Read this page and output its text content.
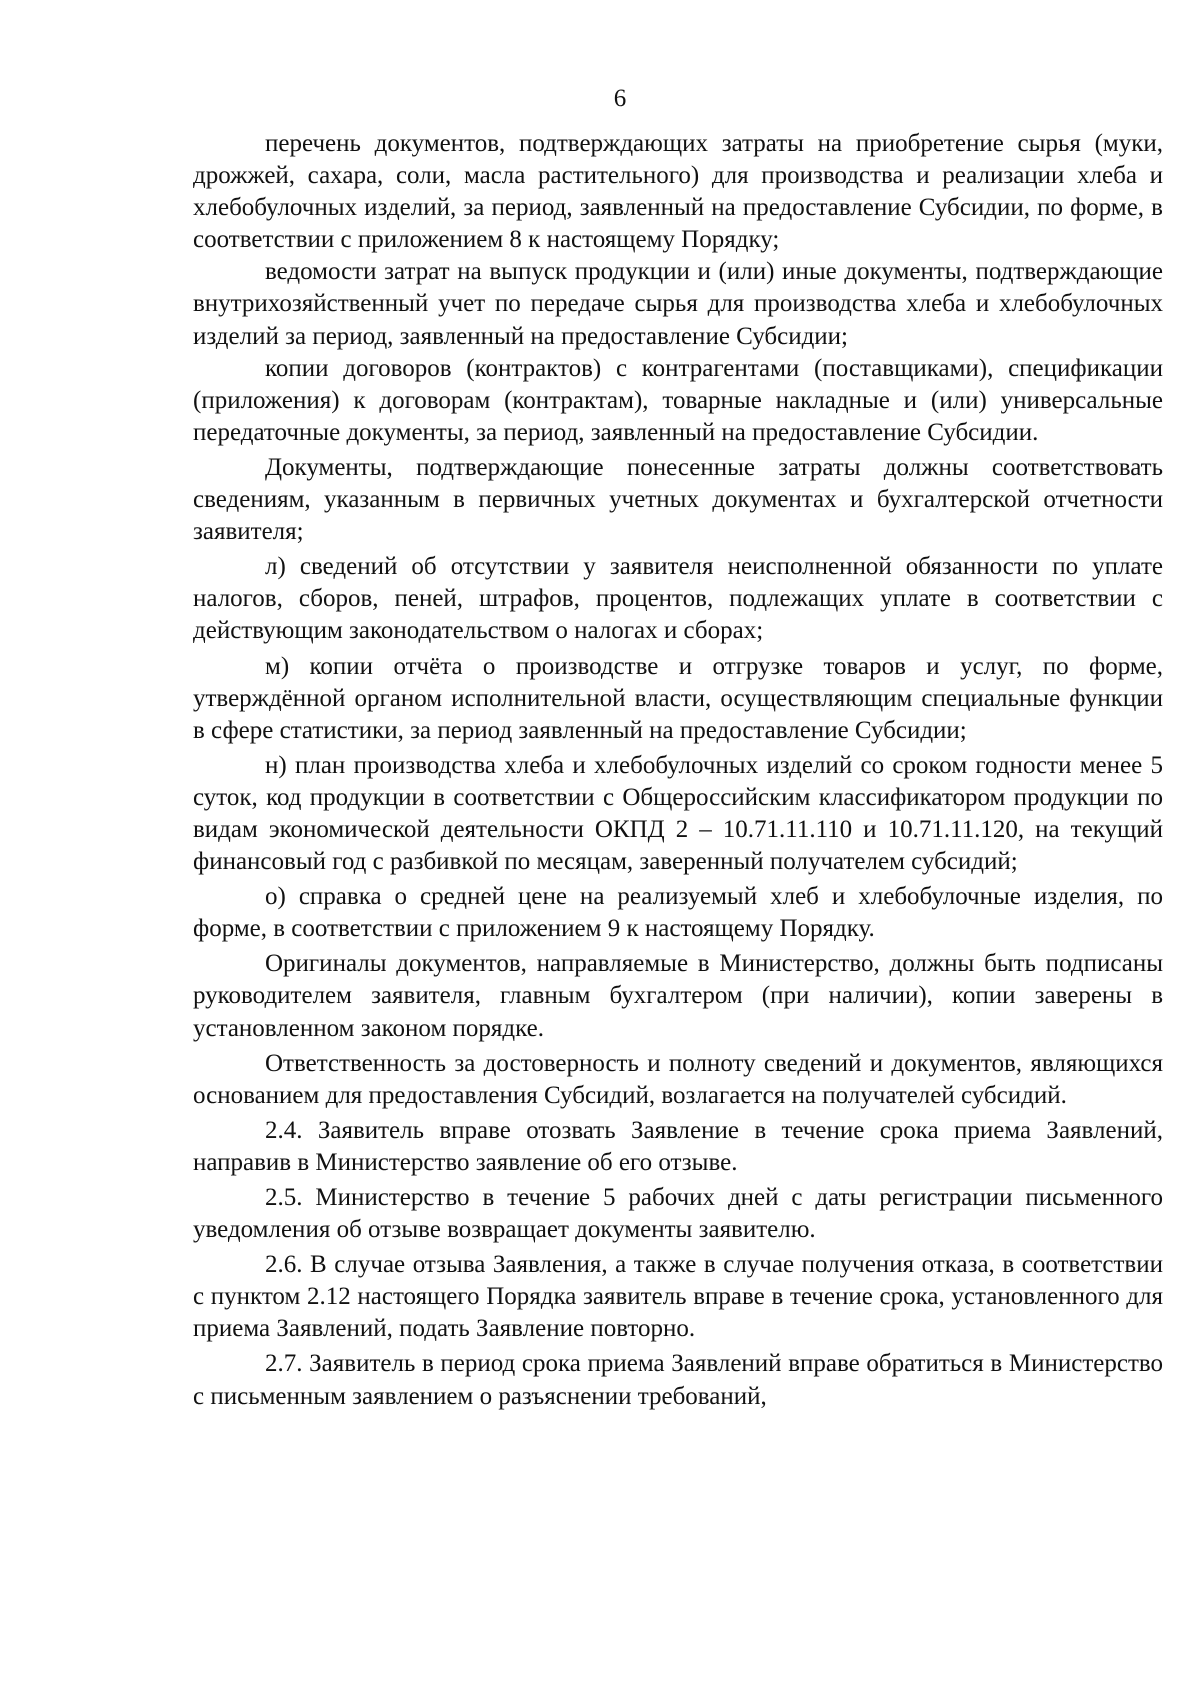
6

перечень документов, подтверждающих затраты на приобретение сырья (муки, дрожжей, сахара, соли, масла растительного) для производства и реализации хлеба и хлебобулочных изделий, за период, заявленный на предоставление Субсидии, по форме, в соответствии с приложением 8 к настоящему Порядку;

ведомости затрат на выпуск продукции и (или) иные документы, подтверждающие внутрихозяйственный учет по передаче сырья для производства хлеба и хлебобулочных изделий за период, заявленный на предоставление Субсидии;

копии договоров (контрактов) с контрагентами (поставщиками), спецификации (приложения) к договорам (контрактам), товарные накладные и (или) универсальные передаточные документы, за период, заявленный на предоставление Субсидии.

Документы, подтверждающие понесенные затраты должны соответствовать сведениям, указанным в первичных учетных документах и бухгалтерской отчетности заявителя;

л) сведений об отсутствии у заявителя неисполненной обязанности по уплате налогов, сборов, пеней, штрафов, процентов, подлежащих уплате в соответствии с действующим законодательством о налогах и сборах;

м) копии отчёта о производстве и отгрузке товаров и услуг, по форме, утверждённой органом исполнительной власти, осуществляющим специальные функции в сфере статистики, за период заявленный на предоставление Субсидии;

н) план производства хлеба и хлебобулочных изделий со сроком годности менее 5 суток, код продукции в соответствии с Общероссийским классификатором продукции по видам экономической деятельности ОКПД 2 – 10.71.11.110 и 10.71.11.120, на текущий финансовый год с разбивкой по месяцам, заверенный получателем субсидий;

о) справка о средней цене на реализуемый хлеб и хлебобулочные изделия, по форме, в соответствии с приложением 9 к настоящему Порядку.

Оригиналы документов, направляемые в Министерство, должны быть подписаны руководителем заявителя, главным бухгалтером (при наличии), копии заверены в установленном законом порядке.

Ответственность за достоверность и полноту сведений и документов, являющихся основанием для предоставления Субсидий, возлагается на получателей субсидий.

2.4. Заявитель вправе отозвать Заявление в течение срока приема Заявлений, направив в Министерство заявление об его отзыве.

2.5. Министерство в течение 5 рабочих дней с даты регистрации письменного уведомления об отзыве возвращает документы заявителю.

2.6. В случае отзыва Заявления, а также в случае получения отказа, в соответствии с пунктом 2.12 настоящего Порядка заявитель вправе в течение срока, установленного для приема Заявлений, подать Заявление повторно.

2.7. Заявитель в период срока приема Заявлений вправе обратиться в Министерство с письменным заявлением о разъяснении требований,
